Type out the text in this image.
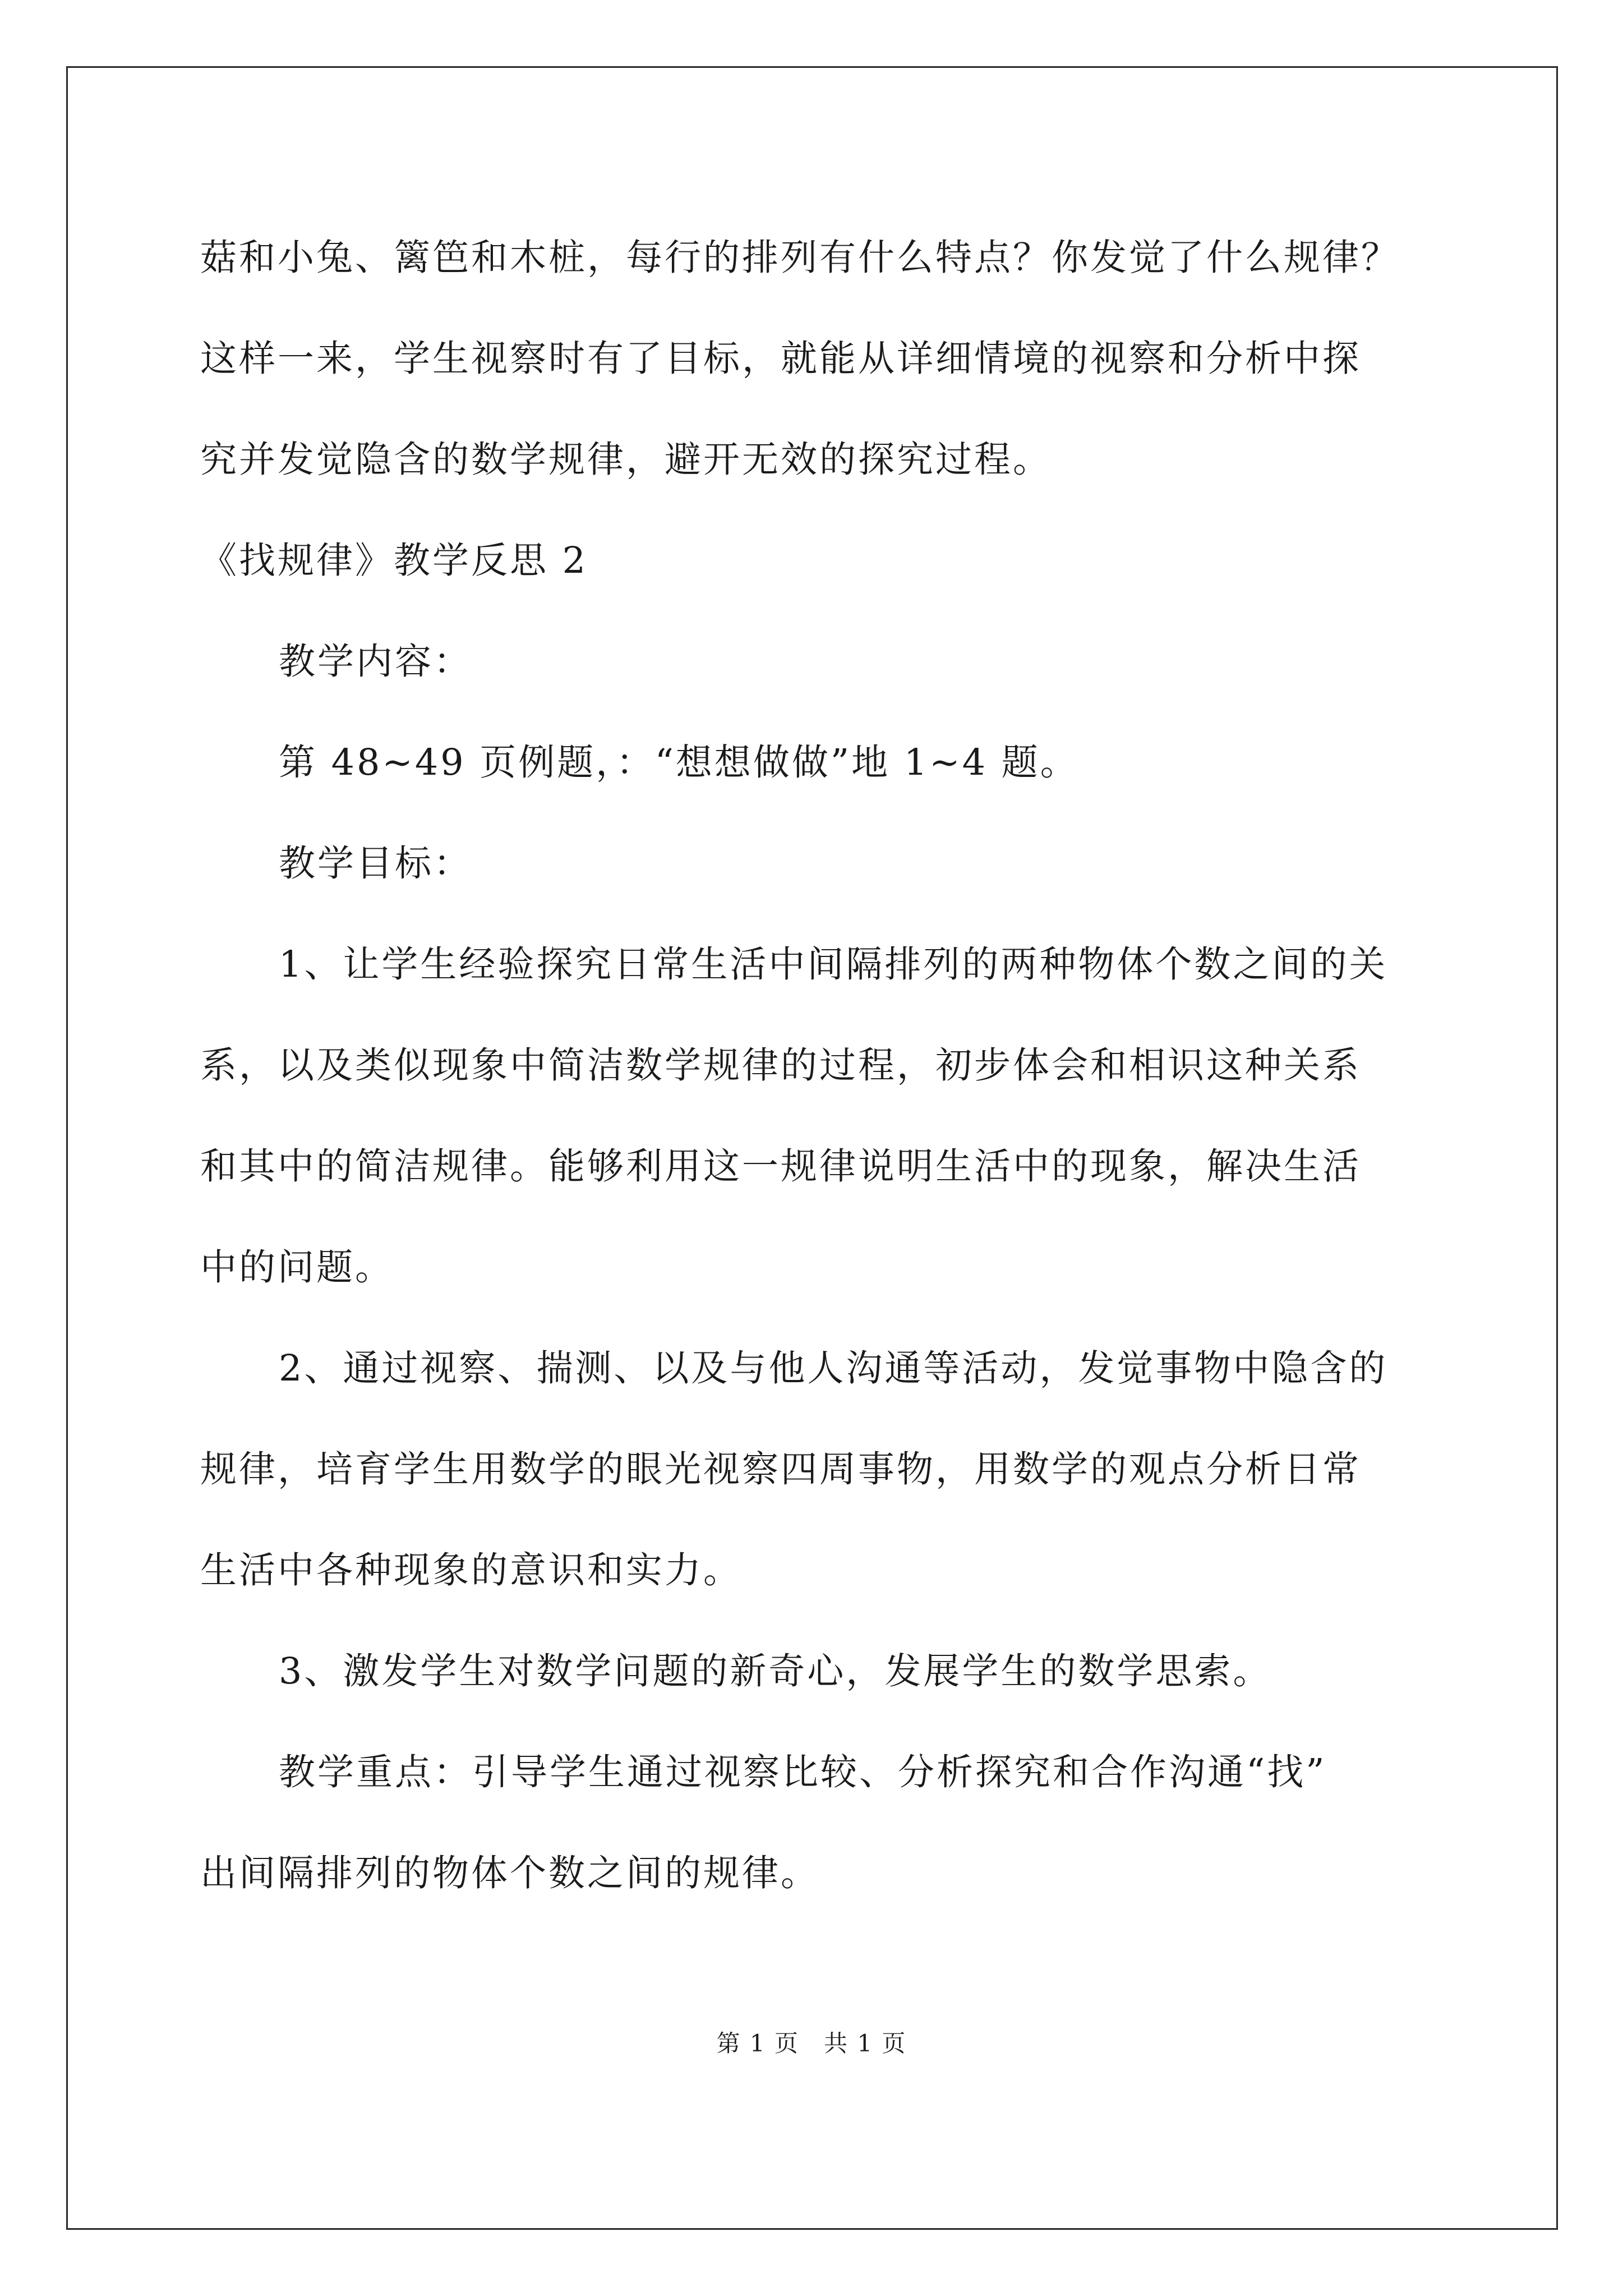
菇和小兔、篱笆和木桩，每行的排列有什么特点？你发觉了什么规律？
这样一来，学生视察时有了目标，就能从详细情境的视察和分析中探
究并发觉隐含的数学规律，避开无效的探究过程。
《找规律》教学反思 2
教学内容：
第 48~49 页例题，：“想想做做”地 1~4 题。
教学目标：
1、让学生经验探究日常生活中间隔排列的两种物体个数之间的关
系，以及类似现象中简洁数学规律的过程，初步体会和相识这种关系
和其中的简洁规律。能够利用这一规律说明生活中的现象，解决生活
中的问题。
2、通过视察、揣测、以及与他人沟通等活动，发觉事物中隐含的
规律，培育学生用数学的眼光视察四周事物，用数学的观点分析日常
生活中各种现象的意识和实力。
3、激发学生对数学问题的新奇心，发展学生的数学思索。
教学重点：引导学生通过视察比较、分析探究和合作沟通“找”
出间隔排列的物体个数之间的规律。
第 1 页　共 1 页
